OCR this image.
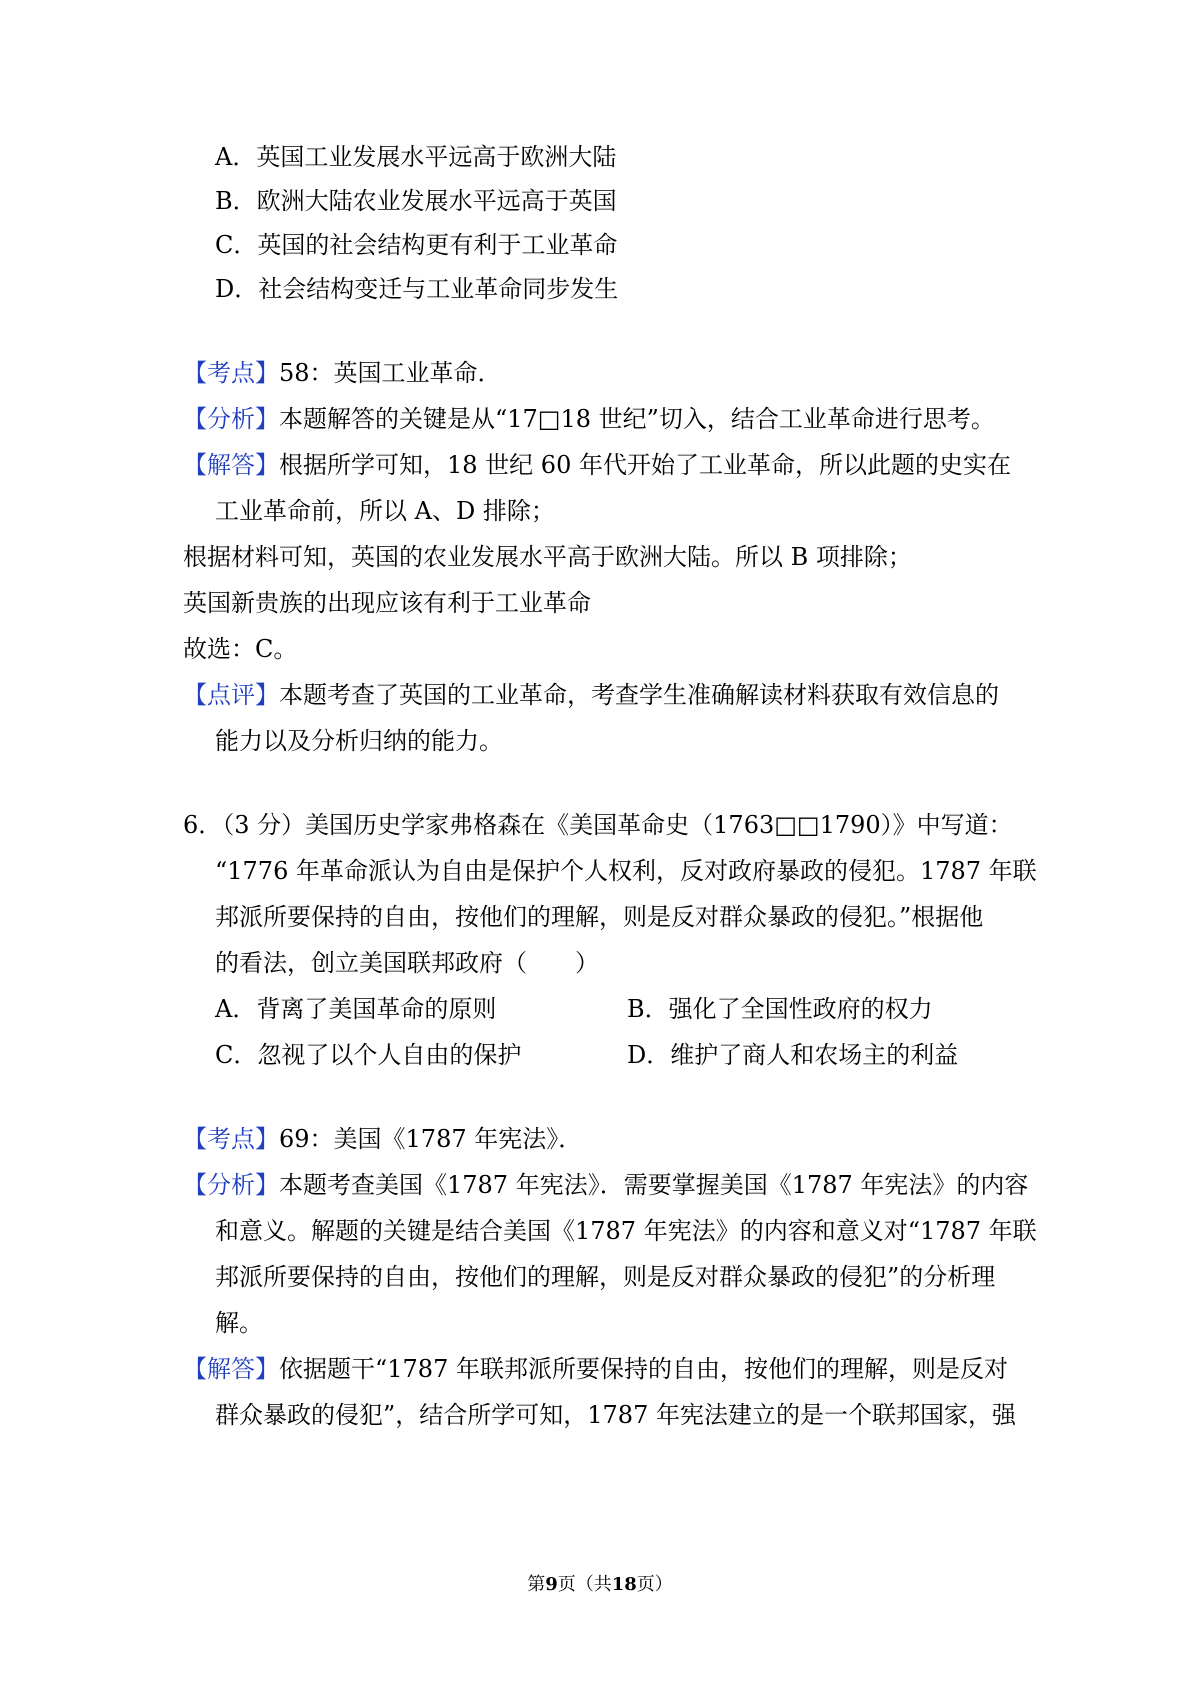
A．英国工业发展水平远高于欧洲大陆
B．欧洲大陆农业发展水平远高于英国
C．英国的社会结构更有利于工业革命
D．社会结构变迁与工业革命同步发生
【考点】58：英国工业革命．
【分析】本题解答的关键是从“17□18 世纪”切入，结合工业革命进行思考。
【解答】根据所学可知，18 世纪 60 年代开始了工业革命，所以此题的史实在
工业革命前，所以 A、D 排除；
根据材料可知，英国的农业发展水平高于欧洲大陆。所以 B 项排除；
英国新贵族的出现应该有利于工业革命
故选：C。
【点评】本题考查了英国的工业革命，考查学生准确解读材料获取有效信息的
能力以及分析归纳的能力。
6．（3 分）美国历史学家弗格森在《美国革命史（1763□□1790）》中写道：
“1776 年革命派认为自由是保护个人权利，反对政府暴政的侵犯。1787 年联
邦派所要保持的自由，按他们的理解，则是反对群众暴政的侵犯。”根据他
的看法，创立美国联邦政府（　　）
A．背离了美国革命的原则	B．强化了全国性政府的权力
C．忽视了以个人自由的保护	D．维护了商人和农场主的利益
【考点】69：美国《1787 年宪法》．
【分析】本题考查美国《1787 年宪法》．需要掌握美国《1787 年宪法》的内容
和意义。解题的关键是结合美国《1787 年宪法》的内容和意义对“1787 年联
邦派所要保持的自由，按他们的理解，则是反对群众暴政的侵犯”的分析理
解。
【解答】依据题干“1787 年联邦派所要保持的自由，按他们的理解，则是反对
群众暴政的侵犯”，结合所学可知，1787 年宪法建立的是一个联邦国家，强
第9页（共18页）
